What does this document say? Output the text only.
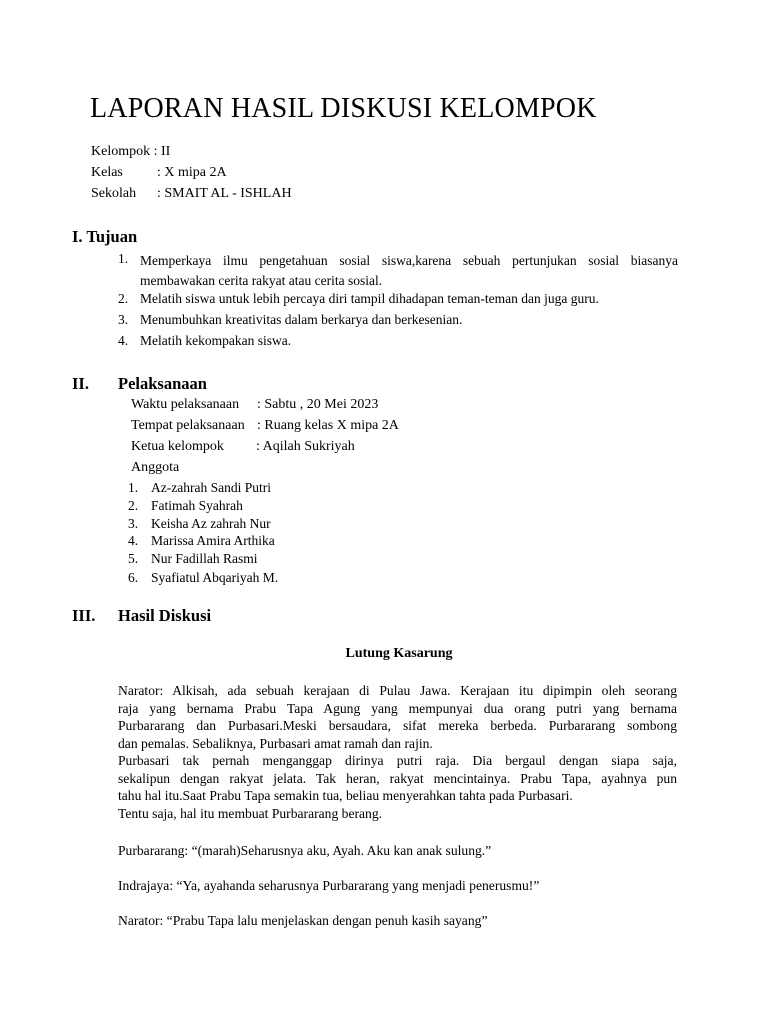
LAPORAN HASIL DISKUSI KELOMPOK
Kelompok : II
Kelas : X mipa 2A
Sekolah : SMAIT AL - ISHLAH
I. Tujuan
1. Memperkaya ilmu pengetahuan sosial siswa,karena sebuah pertunjukan sosial biasanya
membawakan cerita rakyat atau cerita sosial.
2. Melatih siswa untuk lebih percaya diri tampil dihadapan teman-teman dan juga guru.
3. Menumbuhkan kreativitas dalam berkarya dan berkesenian.
4. Melatih kekompakan siswa.
II. Pelaksanaan
Waktu pelaksanaan : Sabtu , 20 Mei 2023
Tempat pelaksanaan : Ruang kelas X mipa 2A
Ketua kelompok : Aqilah Sukriyah
Anggota
1. Az-zahrah Sandi Putri
2. Fatimah Syahrah
3. Keisha Az zahrah Nur
4. Marissa Amira Arthika
5. Nur Fadillah Rasmi
6. Syafiatul Abqariyah M.
III. Hasil Diskusi
Lutung Kasarung
Narator: Alkisah, ada sebuah kerajaan di Pulau Jawa. Kerajaan itu dipimpin oleh seorang
raja yang bernama Prabu Tapa Agung yang mempunyai dua orang putri yang bernama
Purbararang dan Purbasari.Meski bersaudara, sifat mereka berbeda. Purbararang sombong
dan pemalas. Sebaliknya, Purbasari amat ramah dan rajin.
Purbasari tak pernah menganggap dirinya putri raja. Dia bergaul dengan siapa saja,
sekalipun dengan rakyat jelata. Tak heran, rakyat mencintainya. Prabu Tapa, ayahnya pun
tahu hal itu.Saat Prabu Tapa semakin tua, beliau menyerahkan tahta pada Purbasari.
Tentu saja, hal itu membuat Purbararang berang.
Purbararang: “(marah)Seharusnya aku, Ayah. Aku kan anak sulung.”
Indrajaya: “Ya, ayahanda seharusnya Purbararang yang menjadi penerusmu!”
Narator: “Prabu Tapa lalu menjelaskan dengan penuh kasih sayang”
